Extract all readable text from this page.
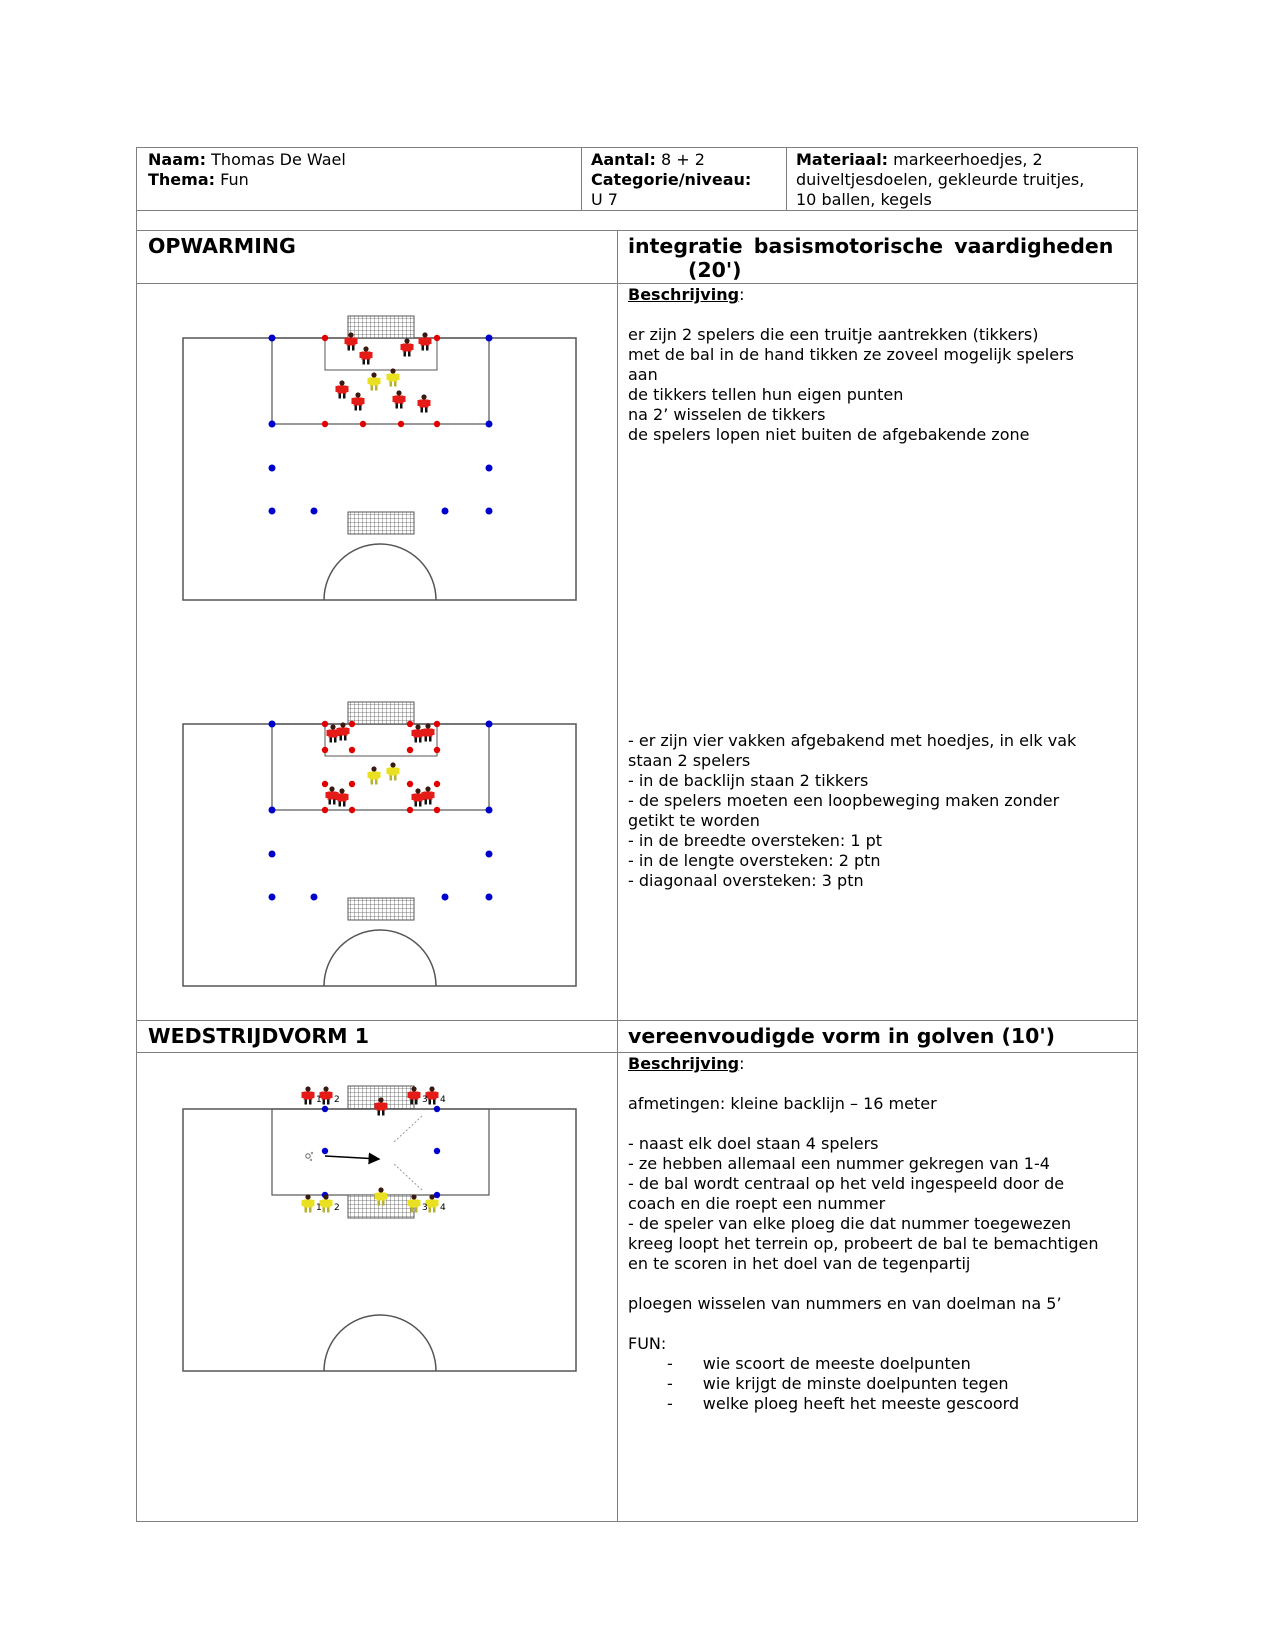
Naam: Thomas De Wael
Thema: Fun
Aantal: 8 + 2
Categorie/niveau:
U 7
Materiaal: markeerhoedjes, 2
duiveltjesdoelen, gekleurde truitjes,
10 ballen, kegels
OPWARMING	integratie basismotorische vaardigheden
(20')
Beschrijving:
er zijn 2 spelers die een truitje aantrekken (tikkers)
met de bal in de hand tikken ze zoveel mogelijk spelers
aan
de tikkers tellen hun eigen punten
na 2’ wisselen de tikkers
de spelers lopen niet buiten de afgebakende zone
- er zijn vier vakken afgebakend met hoedjes, in elk vak
staan 2 spelers
- in de backlijn staan 2 tikkers
- de spelers moeten een loopbeweging maken zonder
getikt te worden
- in de breedte oversteken: 1 pt
- in de lengte oversteken: 2 ptn
- diagonaal oversteken: 3 ptn
WEDSTRIJDVORM 1	vereenvoudigde vorm in golven (10')
Beschrijving:
afmetingen: kleine backlijn – 16 meter
- naast elk doel staan 4 spelers
- ze hebben allemaal een nummer gekregen van 1-4
- de bal wordt centraal op het veld ingespeeld door de
coach en die roept een nummer
- de speler van elke ploeg die dat nummer toegewezen
kreeg loopt het terrein op, probeert de bal te bemachtigen
en te scoren in het doel van de tegenpartij
ploegen wisselen van nummers en van doelman na 5’
FUN:
- wie scoort de meeste doelpunten
- wie krijgt de minste doelpunten tegen
- welke ploeg heeft het meeste gescoord
1 2	3 4
1 2	3 4
